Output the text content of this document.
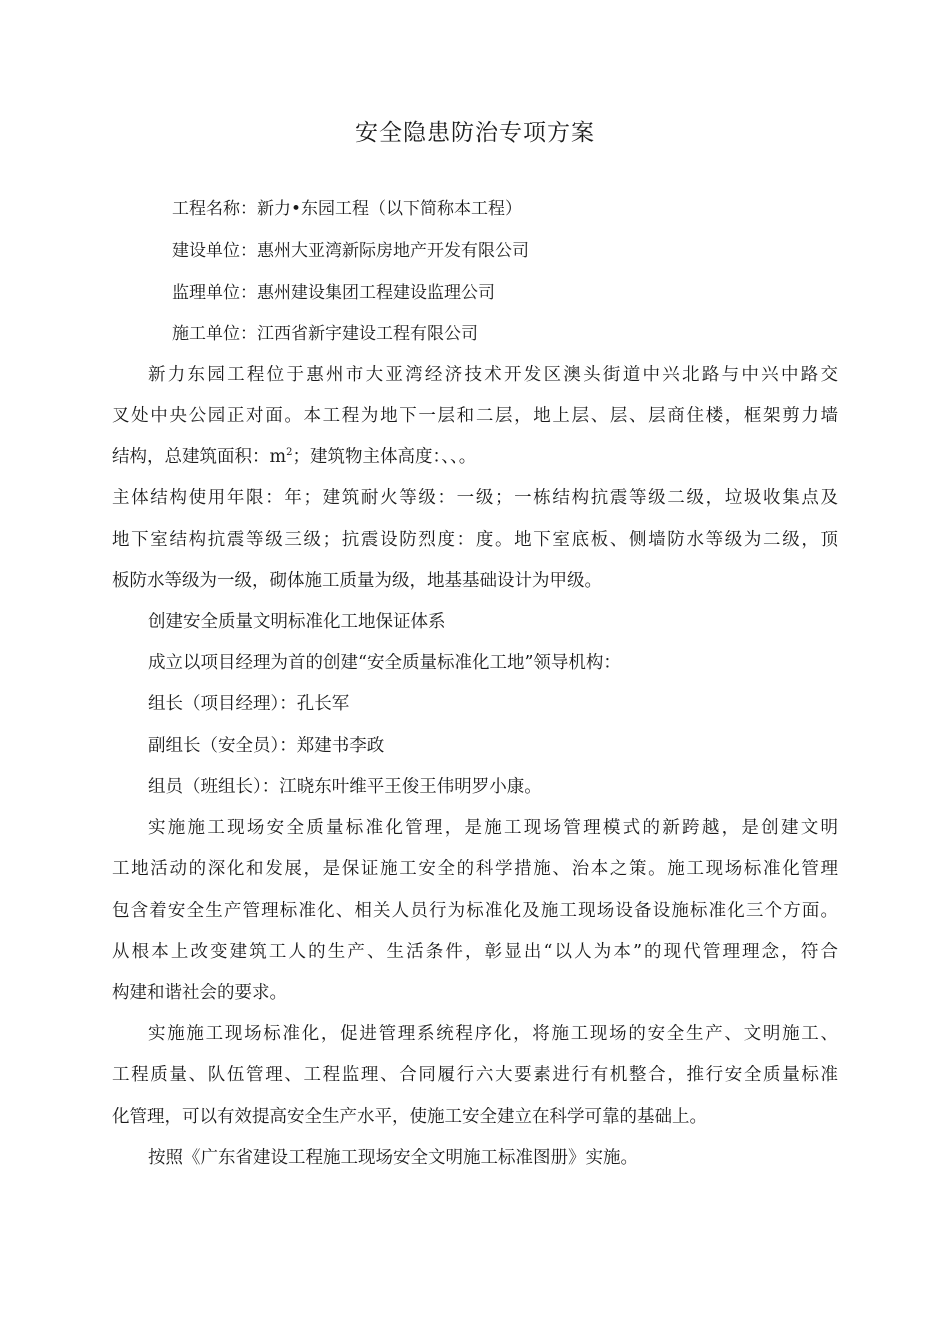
安全隐患防治专项方案
工程名称：新力•东园工程（以下简称本工程）
建设单位：惠州大亚湾新际房地产开发有限公司
监理单位：惠州建设集团工程建设监理公司
施工单位：江西省新宇建设工程有限公司
新力东园工程位于惠州市大亚湾经济技术开发区澳头街道中兴北路与中兴中路交
叉处中央公园正对面。本工程为地下一层和二层，地上层、层、层商住楼，框架剪力墙
结构，总建筑面积：$m^2$；建筑物主体高度：、、。
主体结构使用年限：年；建筑耐火等级：一级；一栋结构抗震等级二级，垃圾收集点及
地下室结构抗震等级三级；抗震设防烈度：度。地下室底板、侧墙防水等级为二级，顶
板防水等级为一级，砌体施工质量为级，地基基础设计为甲级。
创建安全质量文明标准化工地保证体系
成立以项目经理为首的创建“安全质量标准化工地”领导机构：
组长（项目经理）：孔长军
副组长（安全员）：郑建书李政
组员（班组长）：江晓东叶维平王俊王伟明罗小康。
实施施工现场安全质量标准化管理，是施工现场管理模式的新跨越，是创建文明
工地活动的深化和发展，是保证施工安全的科学措施、治本之策。施工现场标准化管理
包含着安全生产管理标准化、相关人员行为标准化及施工现场设备设施标准化三个方面。
从根本上改变建筑工人的生产、生活条件，彰显出“以人为本”的现代管理理念，符合
构建和谐社会的要求。
实施施工现场标准化，促进管理系统程序化，将施工现场的安全生产、文明施工、
工程质量、队伍管理、工程监理、合同履行六大要素进行有机整合，推行安全质量标准
化管理，可以有效提高安全生产水平，使施工安全建立在科学可靠的基础上。
按照《广东省建设工程施工现场安全文明施工标准图册》实施。
